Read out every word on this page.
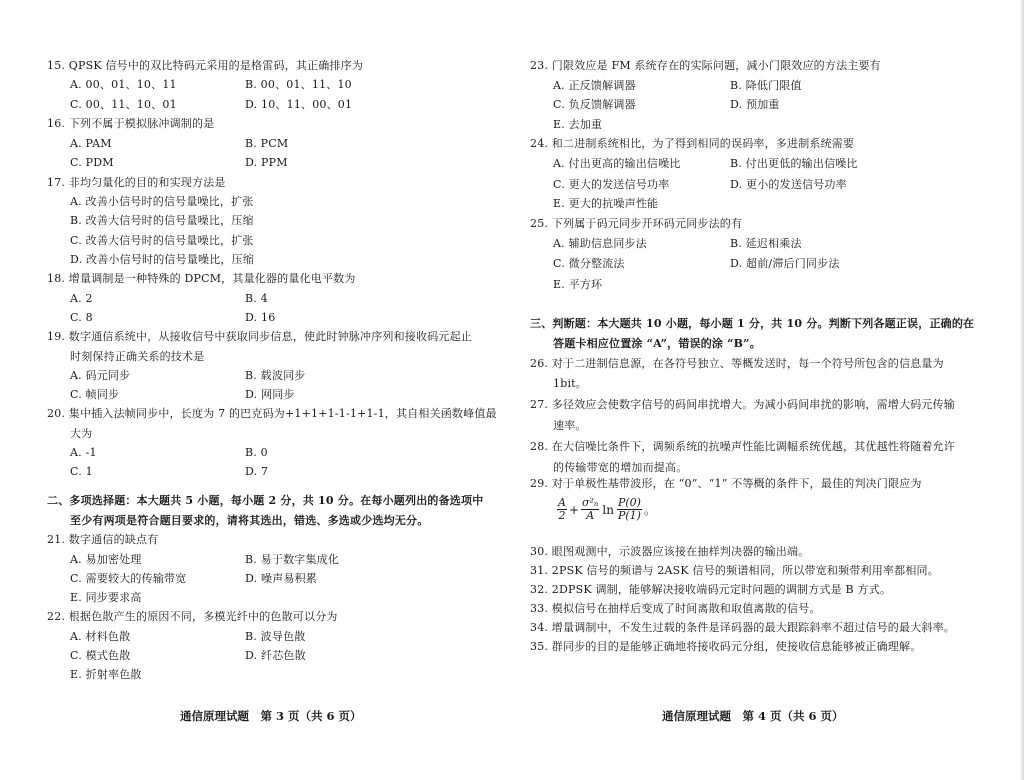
15. QPSK 信号中的双比特码元采用的是格雷码，其正确排序为
A. 00、01、10、11	B. 00、01、11、10
C. 00、11、10、01	D. 10、11、00、01
16. 下列不属于模拟脉冲调制的是
A. PAM	B. PCM
C. PDM	D. PPM
17. 非均匀量化的目的和实现方法是
A. 改善小信号时的信号量噪比，扩张
B. 改善大信号时的信号量噪比，压缩
C. 改善大信号时的信号量噪比，扩张
D. 改善小信号时的信号量噪比，压缩
18. 增量调制是一种特殊的 DPCM，其量化器的量化电平数为
A. 2	B. 4
C. 8	D. 16
19. 数字通信系统中，从接收信号中获取同步信息，使此时钟脉冲序列和接收码元起止
时刻保持正确关系的技术是
A. 码元同步	B. 载波同步
C. 帧同步	D. 网同步
20. 集中插入法帧同步中，长度为 7 的巴克码为+1+1+1-1-1+1-1，其自相关函数峰值最
大为
A. -1	B. 0
C. 1	D. 7
二、多项选择题：本大题共 5 小题，每小题 2 分，共 10 分。在每小题列出的备选项中
至少有两项是符合题目要求的，请将其选出，错选、多选或少选均无分。
21. 数字通信的缺点有
A. 易加密处理	B. 易于数字集成化
C. 需要较大的传输带宽	D. 噪声易积累
E. 同步要求高
22. 根据色散产生的原因不同，多模光纤中的色散可以分为
A. 材料色散	B. 波导色散
C. 模式色散	D. 纤芯色散
E. 折射率色散
通信原理试题　第 3 页（共 6 页）
$\frac{A}{2} + \frac{\text{σ²ₙ}}{A}$ $\ln \frac{P(0)}{P(1)}$ 。
23. 门限效应是 FM 系统存在的实际问题，减小门限效应的方法主要有
A. 正反馈解调器	B. 降低门限值
C. 负反馈解调器	D. 预加重
E. 去加重
24. 和二进制系统相比，为了得到相同的误码率，多进制系统需要
A. 付出更高的输出信噪比	B. 付出更低的输出信噪比
C. 更大的发送信号功率	D. 更小的发送信号功率
E. 更大的抗噪声性能
25. 下列属于码元同步开环码元同步法的有
A. 辅助信息同步法	B. 延迟相乘法
C. 微分整流法	D. 超前/滞后门同步法
E. 平方环
三、判断题：本大题共 10 小题，每小题 1 分，共 10 分。判断下列各题正误，正确的在
答题卡相应位置涂 “A”，错误的涂 “B”。
26. 对于二进制信息源，在各符号独立、等概发送时，每一个符号所包含的信息量为
1bit。
27. 多径效应会使数字信号的码间串扰增大。为减小码间串扰的影响，需增大码元传输
速率。
28. 在大信噪比条件下，调频系统的抗噪声性能比调幅系统优越，其优越性将随着允许
的传输带宽的增加而提高。
29. 对于单极性基带波形，在 “0”、“1” 不等概的条件下，最佳的判决门限应为
30. 眼图观测中，示波器应该接在抽样判决器的输出端。
31. 2PSK 信号的频谱与 2ASK 信号的频谱相同，所以带宽和频带利用率都相同。
32. 2DPSK 调制，能够解决接收端码元定时问题的调制方式是 B 方式。
33. 模拟信号在抽样后变成了时间离散和取值离散的信号。
34. 增量调制中，不发生过载的条件是译码器的最大跟踪斜率不超过信号的最大斜率。
35. 群同步的目的是能够正确地将接收码元分组，使接收信息能够被正确理解。
通信原理试题　第 4 页（共 6 页）
